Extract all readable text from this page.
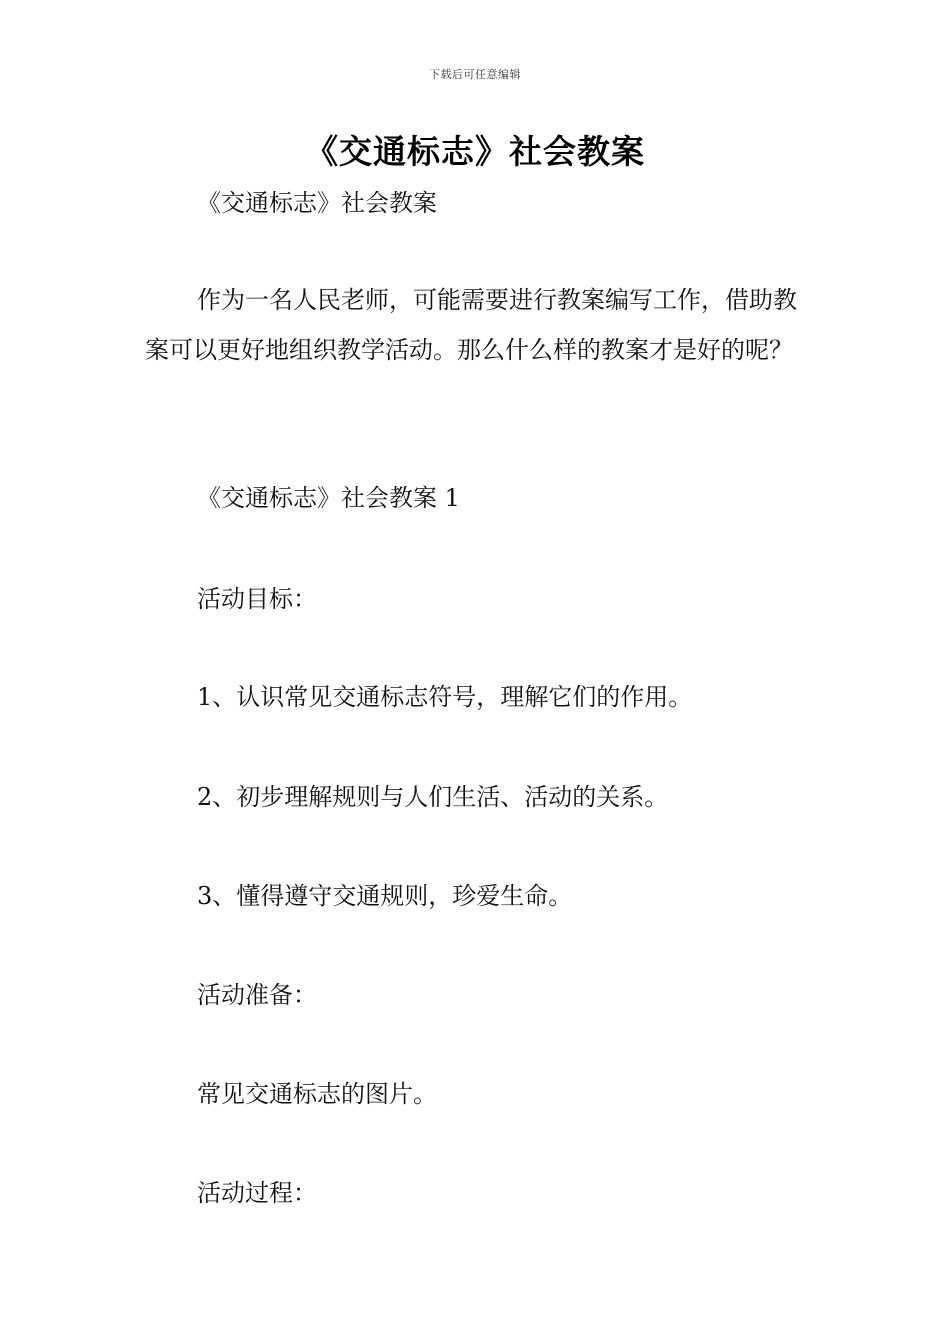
下载后可任意编辑
《交通标志》社会教案

《交通标志》社会教案

作为一名人民老师，可能需要进行教案编写工作，借助教案可以更好地组织教学活动。那么什么样的教案才是好的呢？

《交通标志》社会教案 1

活动目标：

1、认识常见交通标志符号，理解它们的作用。

2、初步理解规则与人们生活、活动的关系。

3、懂得遵守交通规则，珍爱生命。

活动准备：

常见交通标志的图片。

活动过程：
